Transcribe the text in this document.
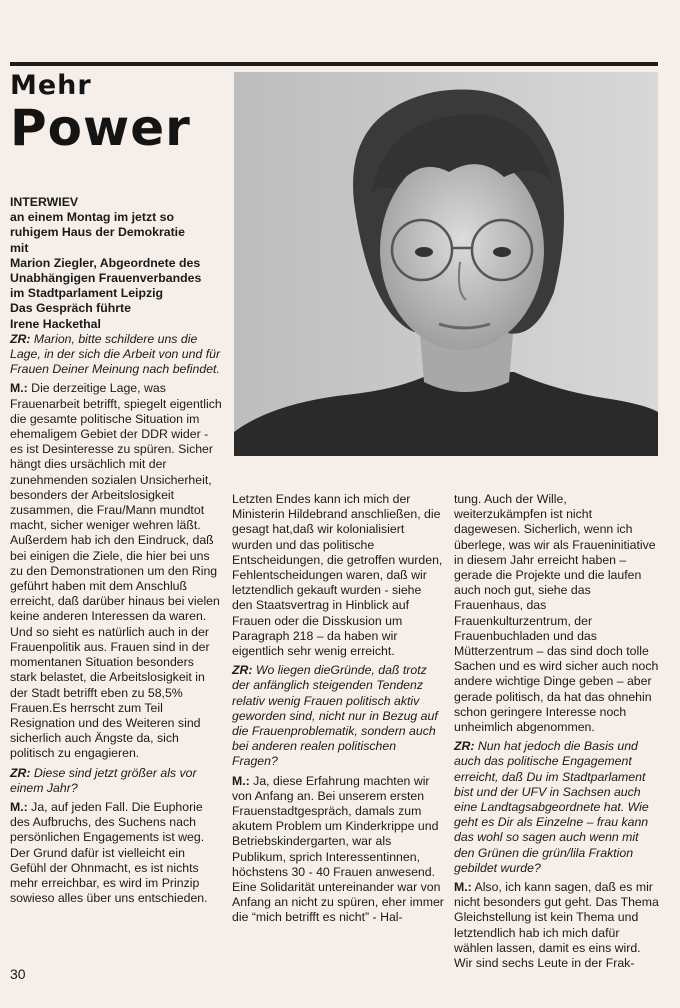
Mehr
Power

INTERWIEV

an einem Montag im jetzt so

ruhigem Haus der Demokratie

mit

Marion Ziegler, Abgeordnete des

Unabhängigen Frauenverbandes

im Stadtparlament Leipzig

Das Gespräch führte

Irene Hackethal

ZR: Marion, bitte schildere uns die Lage, in der sich die Arbeit von und für Frauen Deiner Meinung nach befindet.

M.: Die derzeitige Lage, was Frauenarbeit betrifft, spiegelt eigentlich die gesamte politische Situation im ehemaligem Gebiet der DDR wider - es ist Desinteresse zu spüren. Sicher hängt dies ursächlich mit der zunehmenden sozialen Unsicherheit, besonders der Arbeitslosigkeit zusammen, die Frau/Mann mundtot macht, sicher weniger wehren läßt. Außerdem hab ich den Eindruck, daß bei einigen die Ziele, die hier bei uns zu den Demonstrationen um den Ring geführt haben mit dem Anschluß erreicht, daß darüber hinaus bei vielen keine anderen Interessen da waren.

Und so sieht es natürlich auch in der Frauenpolitik aus. Frauen sind in der momentanen Situation besonders stark belastet, die Arbeitslosigkeit in der Stadt betrifft eben zu 58,5% Frauen.Es herrscht zum Teil Resignation und des Weiteren sind sicherlich auch Ängste da, sich politisch zu engagieren.

ZR: Diese sind jetzt größer als vor einem Jahr?

M.: Ja, auf jeden Fall. Die Euphorie des Aufbruchs, des Suchens nach persönlichen Engagements ist weg. Der Grund dafür ist vielleicht ein Gefühl der Ohnmacht, es ist nichts mehr erreichbar, es wird im Prinzip sowieso alles über uns entschieden.

Letzten Endes kann ich mich der Ministerin Hildebrand anschließen, die gesagt hat,daß wir kolonialisiert wurden und das politische Entscheidungen, die getroffen wurden, Fehlentscheidungen waren, daß wir letztendlich gekauft wurden - siehe den Staatsvertrag in Hinblick auf Frauen oder die Disskusion um Paragraph 218 – da haben wir eigentlich sehr wenig erreicht.

ZR: Wo liegen dieGründe, daß trotz der anfänglich steigenden Tendenz relativ wenig Frauen politisch aktiv geworden sind, nicht nur in Bezug auf die Frauenproblematik, sondern auch bei anderen realen politischen Fragen?

M.: Ja, diese Erfahrung machten wir von Anfang an. Bei unserem ersten Frauenstadtgespräch, damals zum akutem Problem um Kinderkrippe und Betriebskindergarten, war als Publikum, sprich Interessentinnen, höchstens 30 - 40 Frauen anwesend. Eine Solidarität untereinander war von Anfang an nicht zu spüren, eher immer die “mich betrifft es nicht” - Hal-

tung. Auch der Wille, weiterzukämpfen ist nicht dagewesen. Sicherlich, wenn ich überlege, was wir als Fraueninitiative in diesem Jahr erreicht haben – gerade die Projekte und die laufen auch noch gut, siehe das Frauenhaus, das Frauenkulturzentrum, der Frauenbuchladen und das Mütterzentrum – das sind doch tolle Sachen und es wird sicher auch noch andere wichtige Dinge geben – aber gerade politisch, da hat das ohnehin schon geringere Interesse noch unheimlich abgenommen.

ZR: Nun hat jedoch die Basis und auch das politische Engagement erreicht, daß Du im Stadtparlament bist und der UFV in Sachsen auch eine Landtagsabgeordnete hat. Wie geht es Dir als Einzelne – frau kann das wohl so sagen auch wenn mit den Grünen die grün/lila Fraktion gebildet wurde?

M.: Also, ich kann sagen, daß es mir nicht besonders gut geht. Das Thema Gleichstellung ist kein Thema und letztendlich hab ich mich dafür wählen lassen, damit es eins wird.

Wir sind sechs Leute in der Frak-

30
